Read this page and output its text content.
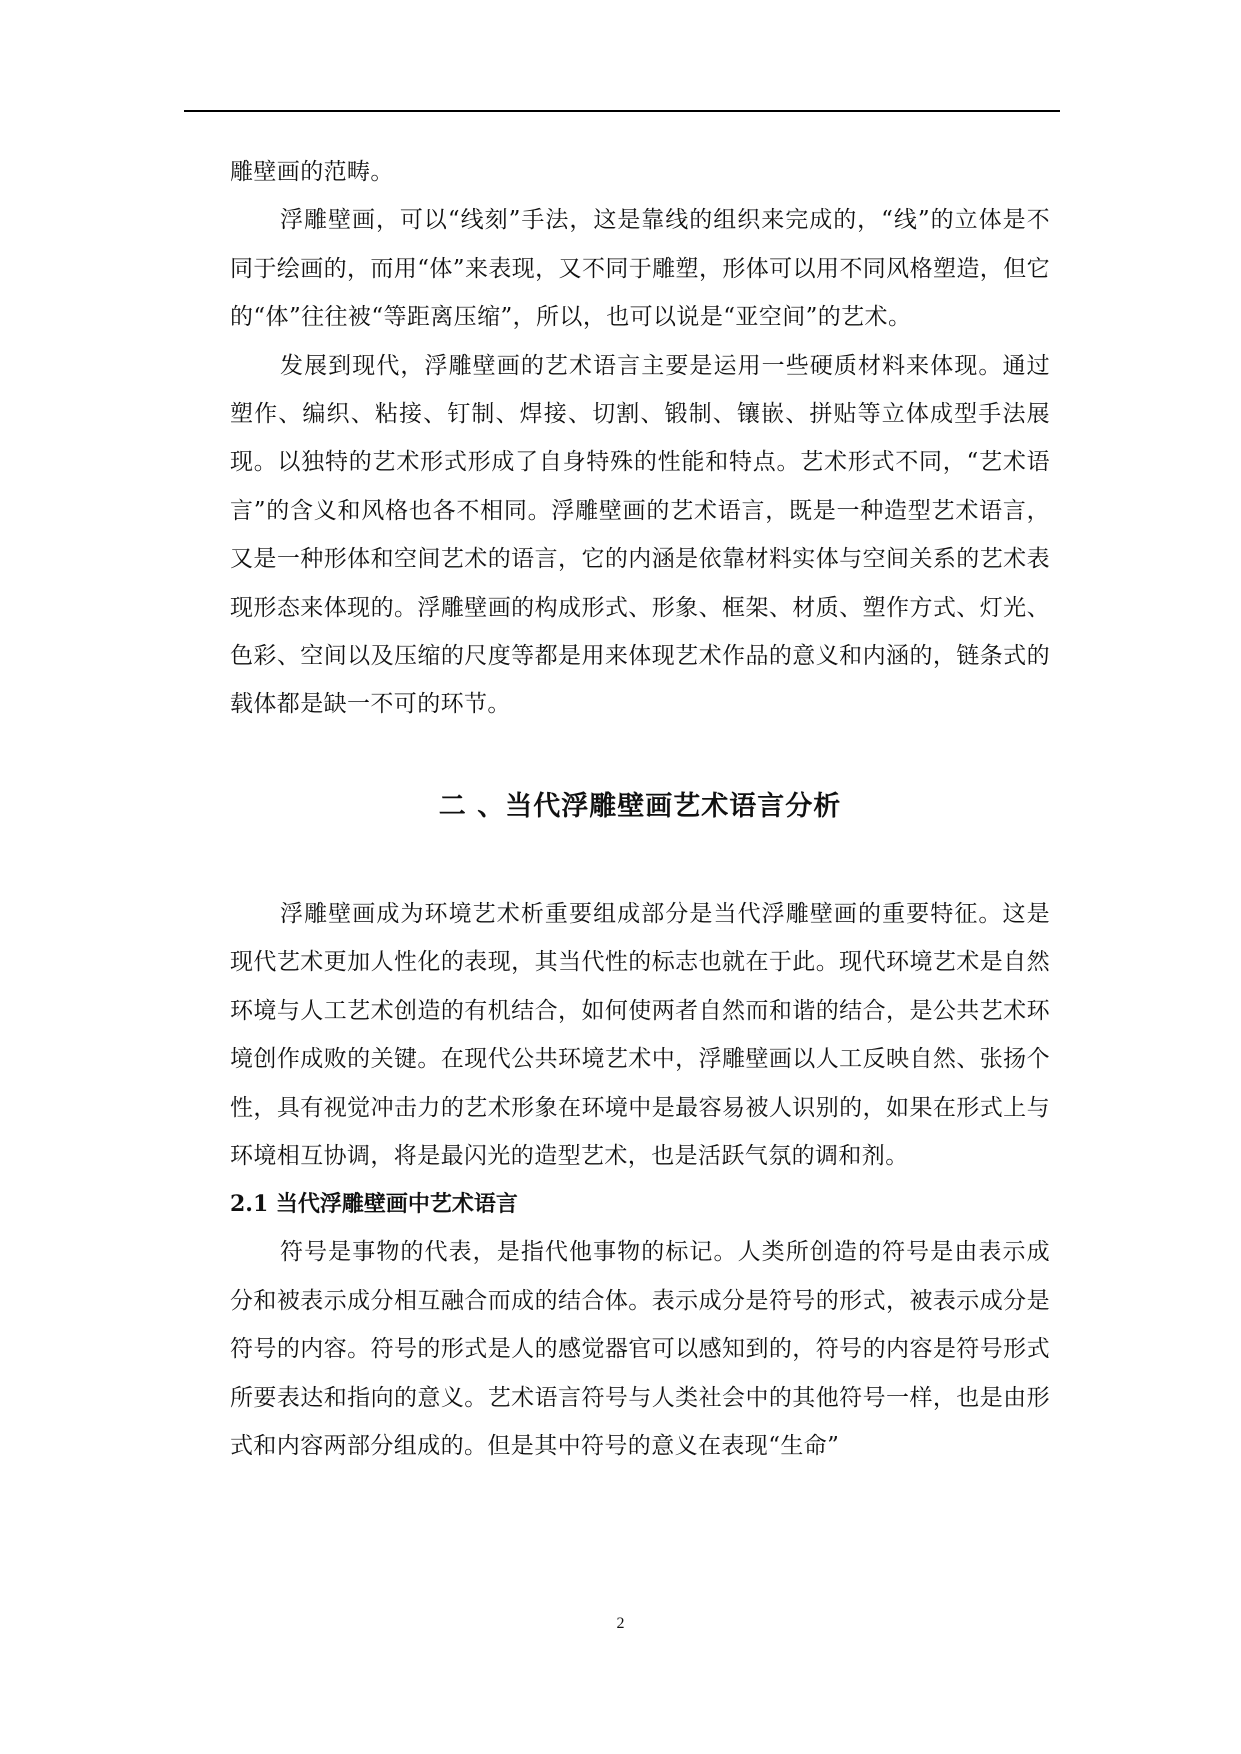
雕壁画的范畴。

浮雕壁画，可以“线刻”手法，这是靠线的组织来完成的，“线”的立体是不同于绘画的，而用“体”来表现，又不同于雕塑，形体可以用不同风格塑造，但它的“体”往往被“等距离压缩”，所以，也可以说是“亚空间”的艺术。

发展到现代，浮雕壁画的艺术语言主要是运用一些硬质材料来体现。通过塑作、编织、粘接、钉制、焊接、切割、锻制、镶嵌、拼贴等立体成型手法展现。以独特的艺术形式形成了自身特殊的性能和特点。艺术形式不同，“艺术语言”的含义和风格也各不相同。浮雕壁画的艺术语言，既是一种造型艺术语言，又是一种形体和空间艺术的语言，它的内涵是依靠材料实体与空间关系的艺术表现形态来体现的。浮雕壁画的构成形式、形象、框架、材质、塑作方式、灯光、色彩、空间以及压缩的尺度等都是用来体现艺术作品的意义和内涵的，链条式的载体都是缺一不可的环节。

二 、当代浮雕壁画艺术语言分析

浮雕壁画成为环境艺术析重要组成部分是当代浮雕壁画的重要特征。这是现代艺术更加人性化的表现，其当代性的标志也就在于此。现代环境艺术是自然环境与人工艺术创造的有机结合，如何使两者自然而和谐的结合，是公共艺术环境创作成败的关键。在现代公共环境艺术中，浮雕壁画以人工反映自然、张扬个性，具有视觉冲击力的艺术形象在环境中是最容易被人识别的，如果在形式上与环境相互协调，将是最闪光的造型艺术，也是活跃气氛的调和剂。

2.1 当代浮雕壁画中艺术语言

符号是事物的代表，是指代他事物的标记。人类所创造的符号是由表示成分和被表示成分相互融合而成的结合体。表示成分是符号的形式，被表示成分是符号的内容。符号的形式是人的感觉器官可以感知到的，符号的内容是符号形式所要表达和指向的意义。艺术语言符号与人类社会中的其他符号一样，也是由形式和内容两部分组成的。但是其中符号的意义在表现“生命”

2
